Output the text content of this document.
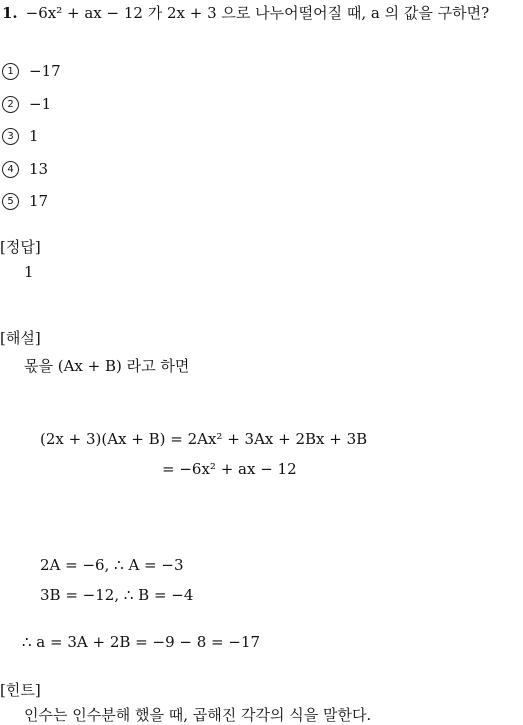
1. −6x² + ax − 12 가 2x + 3 으로 나누어떨어질 때, a 의 값을 구하면?
1	−17
2	−1
3	1
4	13
5	17
[정답]
1
[해설]
몫을 (Ax + B) 라고 하면
(2x + 3)(Ax + B) = 2Ax² + 3Ax + 2Bx + 3B
= −6x² + ax − 12
2A = −6, ∴ A = −3
3B = −12, ∴ B = −4
∴ a = 3A + 2B = −9 − 8 = −17
[힌트]
인수는 인수분해 했을 때, 곱해진 각각의 식을 말한다.
